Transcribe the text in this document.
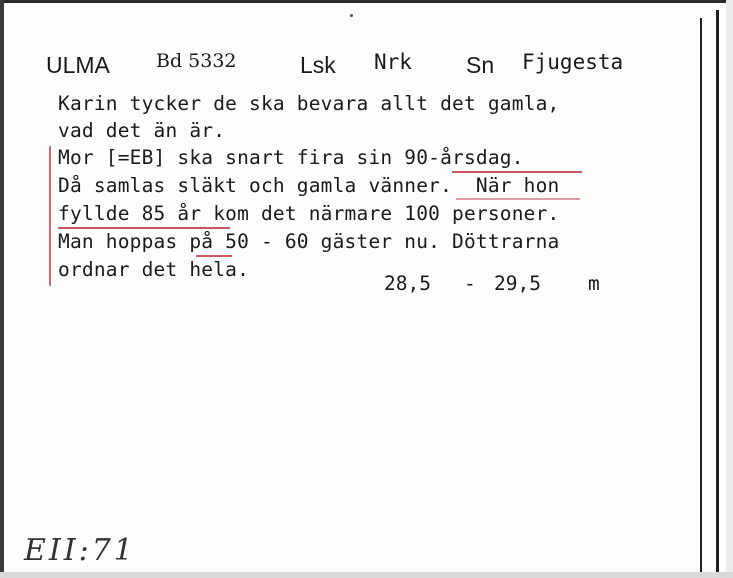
ULMA Bd 5332	Lsk Nrk Sn Fjugesta
Karin tycker de ska bevara allt det gamla,
vad det än är.
Mor [=EB] ska snart fira sin 90-årsdag.
Då samlas släkt och gamla vänner.  När hon
fyllde 85 år kom det närmare 100 personer.
Man hoppas på 50 - 60 gäster nu. Döttrarna
ordnar det hela.
28,5 - 29,5 m
EII:71
